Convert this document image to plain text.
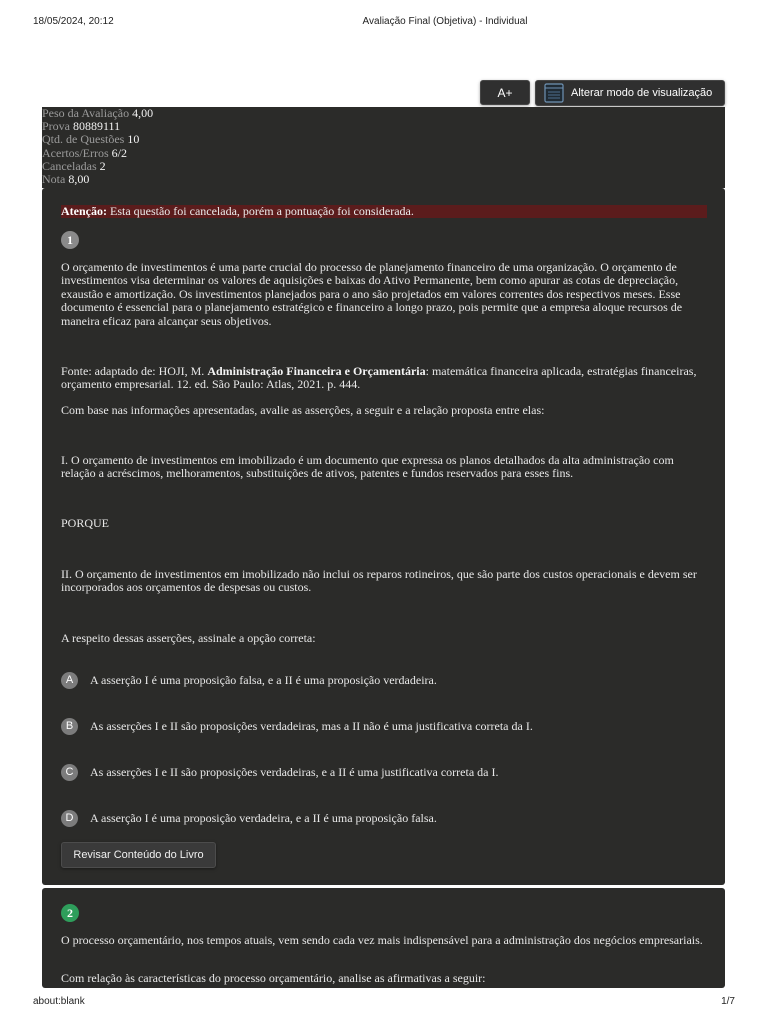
18/05/2024, 20:12	Avaliação Final (Objetiva) - Individual
A+	Alterar modo de visualização
Peso da Avaliação 4,00
Prova 80889111
Qtd. de Questões 10
Acertos/Erros 6/2
Canceladas 2
Nota 8,00
Atenção: Esta questão foi cancelada, porém a pontuação foi considerada.
1
O orçamento de investimentos é uma parte crucial do processo de planejamento financeiro de uma organização. O orçamento de investimentos visa determinar os valores de aquisições e baixas do Ativo Permanente, bem como apurar as cotas de depreciação, exaustão e amortização. Os investimentos planejados para o ano são projetados em valores correntes dos respectivos meses. Esse documento é essencial para o planejamento estratégico e financeiro a longo prazo, pois permite que a empresa aloque recursos de maneira eficaz para alcançar seus objetivos.
Fonte: adaptado de: HOJI, M. Administração Financeira e Orçamentária: matemática financeira aplicada, estratégias financeiras, orçamento empresarial. 12. ed. São Paulo: Atlas, 2021. p. 444.
Com base nas informações apresentadas, avalie as asserções, a seguir e a relação proposta entre elas:
I. O orçamento de investimentos em imobilizado é um documento que expressa os planos detalhados da alta administração com relação a acréscimos, melhoramentos, substituições de ativos, patentes e fundos reservados para esses fins.
PORQUE
II. O orçamento de investimentos em imobilizado não inclui os reparos rotineiros, que são parte dos custos operacionais e devem ser incorporados aos orçamentos de despesas ou custos.
A respeito dessas asserções, assinale a opção correta:
A	A asserção I é uma proposição falsa, e a II é uma proposição verdadeira.
B	As asserções I e II são proposições verdadeiras, mas a II não é uma justificativa correta da I.
C	As asserções I e II são proposições verdadeiras, e a II é uma justificativa correta da I.
D	A asserção I é uma proposição verdadeira, e a II é uma proposição falsa.
Revisar Conteúdo do Livro
2
O processo orçamentário, nos tempos atuais, vem sendo cada vez mais indispensável para a administração dos negócios empresariais.
Com relação às características do processo orçamentário, analise as afirmativas a seguir:
about:blank	1/7
